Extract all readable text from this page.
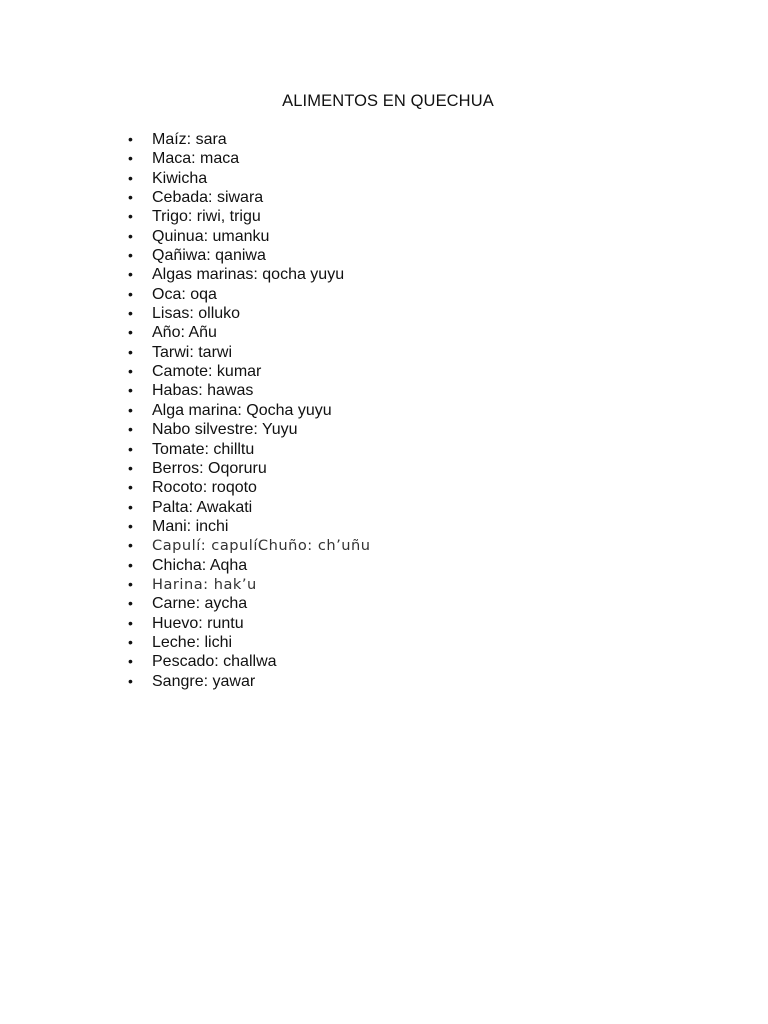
ALIMENTOS EN QUECHUA
• Maíz: sara
• Maca: maca
• Kiwicha
• Cebada: siwara
• Trigo: riwi, trigu
• Quinua: umanku
• Qañiwa: qaniwa
• Algas marinas: qocha yuyu
• Oca: oqa
• Lisas: olluko
• Año: Añu
• Tarwi: tarwi
• Camote: kumar
• Habas: hawas
• Alga marina: Qocha yuyu
• Nabo silvestre: Yuyu
• Tomate: chilltu
• Berros: Oqoruru
• Rocoto: roqoto
• Palta: Awakati
• Mani: inchi
• Capulí: capulíChuño: ch’uñu
• Chicha: Aqha
• Harina: hak’u
• Carne: aycha
• Huevo: runtu
• Leche: lichi
• Pescado: challwa
• Sangre: yawar
